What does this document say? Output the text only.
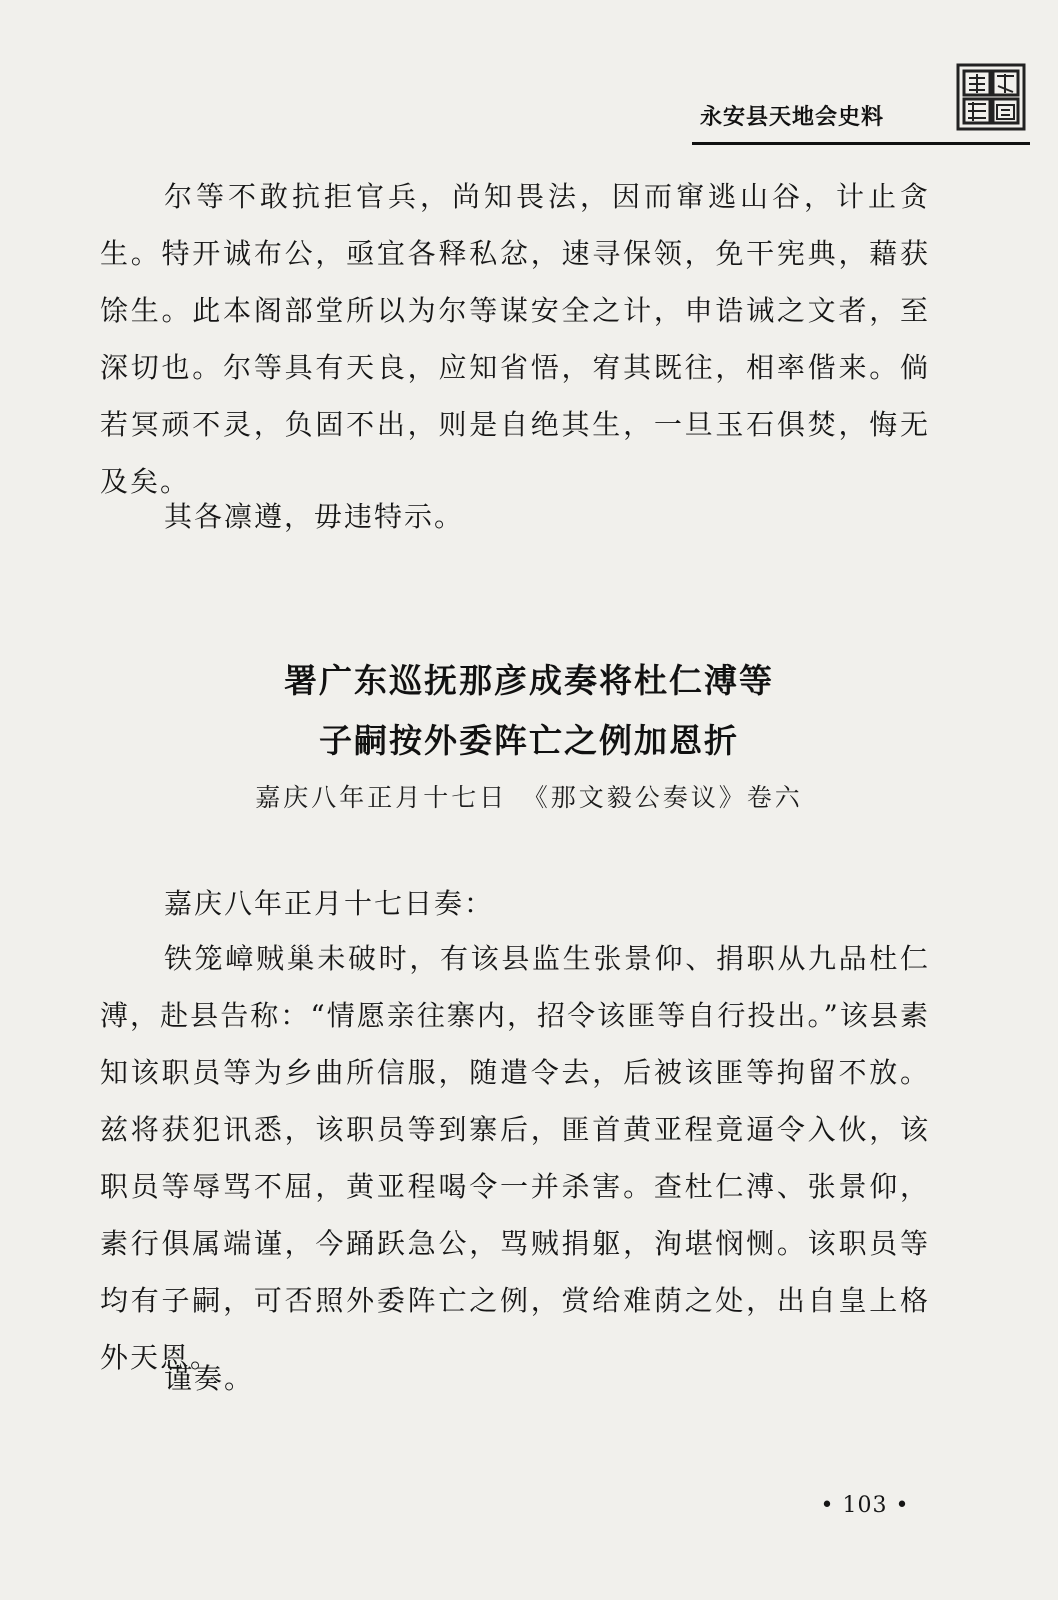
永安县天地会史料

尔等不敢抗拒官兵，尚知畏法，因而窜逃山谷，计止贪生。特开诚布公，亟宜各释私忿，速寻保领，免干宪典，藉获馀生。此本阁部堂所以为尔等谋安全之计，申诰诫之文者，至深切也。尔等具有天良，应知省悟，宥其既往，相率偕来。倘若冥顽不灵，负固不出，则是自绝其生，一旦玉石俱焚，悔无及矣。

其各凛遵，毋违特示。

署广东巡抚那彦成奏将杜仁溥等
子嗣按外委阵亡之例加恩折
嘉庆八年正月十七日　《那文毅公奏议》卷六

嘉庆八年正月十七日奏：

铁笼嶂贼巢未破时，有该县监生张景仰、捐职从九品杜仁溥，赴县告称：“情愿亲往寨内，招令该匪等自行投出。”该县素知该职员等为乡曲所信服，随遣令去，后被该匪等拘留不放。兹将获犯讯悉，该职员等到寨后，匪首黄亚程竟逼令入伙，该职员等辱骂不屈，黄亚程喝令一并杀害。查杜仁溥、张景仰，素行俱属端谨，今踊跃急公，骂贼捐躯，洵堪悯恻。该职员等均有子嗣，可否照外委阵亡之例，赏给难荫之处，出自皇上格外天恩。

谨奏。

• 103 •
